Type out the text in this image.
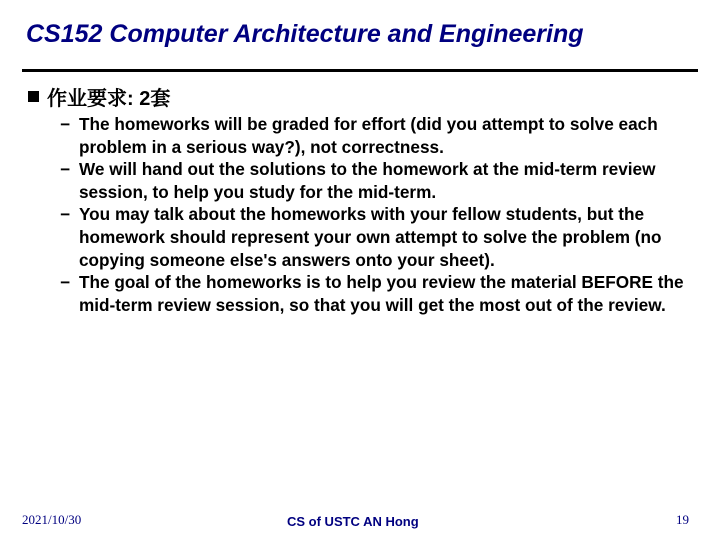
CS152 Computer Architecture and Engineering
作业要求: 2套
− The homeworks will be graded for effort (did you attempt to solve each problem in a serious way?), not correctness.
− We will hand out the solutions to the homework at the mid-term review session, to help you study for the mid-term.
− You may talk about the homeworks with your fellow students, but the homework should represent your own attempt to solve the problem (no copying someone else's answers onto your sheet).
− The goal of the homeworks is to help you review the material BEFORE the mid-term review session, so that you will get the most out of the review.
2021/10/30	CS of USTC AN Hong	19
